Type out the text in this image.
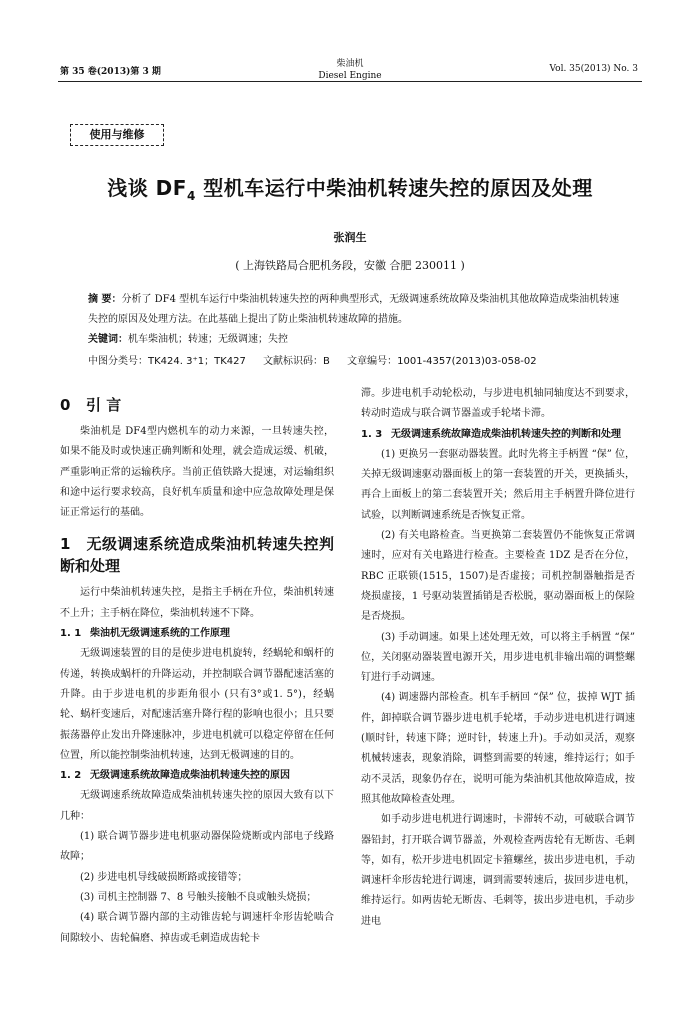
第 35 卷(2013)第 3 期
柴油机
Diesel Engine
Vol. 35(2013) No. 3
使用与维修
浅谈 $DF_4$ 型机车运行中柴油机转速失控的原因及处理
张润生
( 上海铁路局合肥机务段，安徽 合肥 230011 )
摘 要：分析了 DF4 型机车运行中柴油机转速失控的两种典型形式，无级调速系统故障及柴油机其他故障造成柴油机转速失控的原因及处理方法。在此基础上提出了防止柴油机转速故障的措施。
关键词：机车柴油机；转速；无级调速；失控
中图分类号：TK424. 3⁺1；TK427 文献标识码：B 文章编号：1001-4357(2013)03-058-02
0 引 言

柴油机是 DF4型内燃机车的动力来源，一旦转速失控，如果不能及时或快速正确判断和处理，就会造成运缓、机破，严重影响正常的运输秩序。当前正值铁路大提速，对运输组织和途中运行要求较高，良好机车质量和途中应急故障处理是保证正常运行的基础。

1 无级调速系统造成柴油机转速失控判断和处理

运行中柴油机转速失控，是指主手柄在升位，柴油机转速不上升；主手柄在降位，柴油机转速不下降。

1. 1 柴油机无级调速系统的工作原理

无级调速装置的目的是使步进电机旋转，经蜗轮和蜗杆的传递，转换成蜗杆的升降运动，并控制联合调节器配速活塞的升降。由于步进电机的步距角很小 (只有3°或1. 5°)，经蜗轮、蜗杆变速后，对配速活塞升降行程的影响也很小；且只要振荡器停止发出升降速脉冲，步进电机就可以稳定停留在任何位置，所以能控制柴油机转速，达到无极调速的目的。

1. 2 无级调速系统故障造成柴油机转速失控的原因

无级调速系统故障造成柴油机转速失控的原因大致有以下几种：

(1) 联合调节器步进电机驱动器保险烧断或内部电子线路故障；

(2) 步进电机导线破损断路或接错等；

(3) 司机主控制器 7、8 号触头接触不良或触头烧损；

(4) 联合调节器内部的主动锥齿轮与调速杆伞形齿轮啮合间隙较小、齿轮偏磨、掉齿或毛刺造成齿轮卡

滞。步进电机手动轮松动，与步进电机轴同轴度达不到要求，转动时造成与联合调节器盖或手轮堵卡滞。

1. 3 无级调速系统故障造成柴油机转速失控的判断和处理

(1) 更换另一套驱动器装置。此时先将主手柄置 “保” 位，关掉无级调速驱动器面板上的第一套装置的开关，更换插头，再合上面板上的第二套装置开关；然后用主手柄置升降位进行试验，以判断调速系统是否恢复正常。

(2) 有关电路检查。当更换第二套装置仍不能恢复正常调速时，应对有关电路进行检查。主要检查 1DZ 是否在分位，RBC 正联锁(1515，1507)是否虚接；司机控制器触指是否烧损虚接，1 号驱动装置插销是否松脱，驱动器面板上的保险是否烧损。

(3) 手动调速。如果上述处理无效，可以将主手柄置 “保” 位，关闭驱动器装置电源开关，用步进电机非输出端的调整螺钉进行手动调速。

(4) 调速器内部检查。机车手柄回 “保” 位，拔掉 WJT 插件，卸掉联合调节器步进电机手轮堵，手动步进电机进行调速(顺时针，转速下降；逆时针，转速上升)。手动如灵活，观察机械转速表，现象消除，调整到需要的转速，维持运行；如手动不灵活，现象仍存在，说明可能为柴油机其他故障造成，按照其他故障检查处理。

如手动步进电机进行调速时，卡滞转不动，可破联合调节器铅封，打开联合调节器盖，外观检查两齿轮有无断齿、毛刺等，如有，松开步进电机固定卡箍螺丝，拔出步进电机，手动调速杆伞形齿轮进行调速，调到需要转速后，拔回步进电机，维持运行。如两齿轮无断齿、毛刺等，拔出步进电机，手动步进电
